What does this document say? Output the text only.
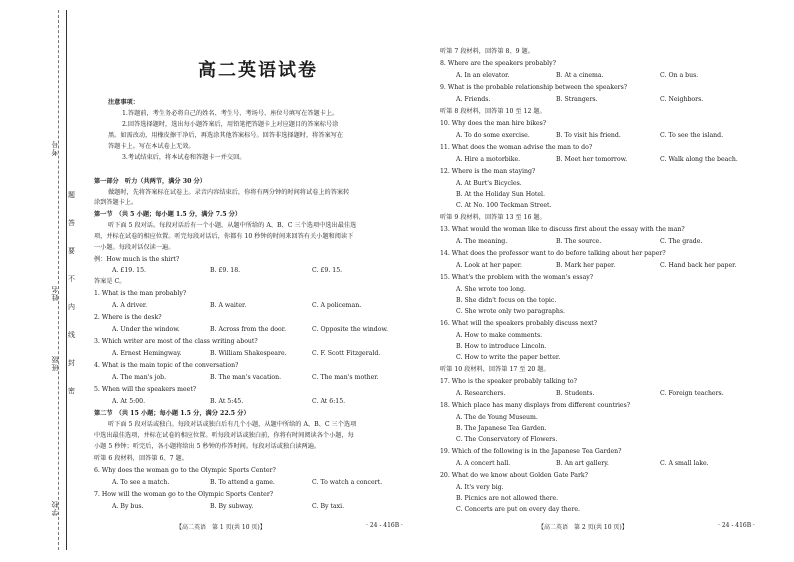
考号
姓名
班级
学校
题
答
要
不
内
线
封
密
高二英语试卷
注意事项：
1.答题前，考生务必将自己的姓名、考生号、考场号、座位号填写在答题卡上。
2.回答选择题时，选出每小题答案后，用铅笔把答题卡上对应题目的答案标号涂
黑。如需改动，用橡皮擦干净后，再选涂其他答案标号。回答非选择题时，将答案写在
答题卡上。写在本试卷上无效。
3.考试结束后，将本试卷和答题卡一并交回。
第一部分　听力（共两节，满分 30 分）
做题时，先将答案标在试卷上。录音内容结束后，你将有两分钟的时间将试卷上的答案转
涂到答题卡上。
第一节　（共 5 小题；每小题 1.5 分，满分 7.5 分）
听下面 5 段对话。每段对话后有一个小题，从题中所给的 A、B、C 三个选项中选出最佳选
项，并标在试卷的相应位置。听完每段对话后，你都有 10 秒钟的时间来回答有关小题和阅读下
一小题。每段对话仅读一遍。
例：How much is the shirt?
A. £19. 15.	B. £9. 18.	C. £9. 15.
答案是 C。
1. What is the man probably?
A. A driver.	B. A waiter.	C. A policeman.
2. Where is the desk?
A. Under the window.	B. Across from the door.	C. Opposite the window.
3. Which writer are most of the class writing about?
A. Ernest Hemingway.	B. William Shakespeare.	C. F. Scott Fitzgerald.
4. What is the main topic of the conversation?
A. The man's job.	B. The man's vacation.	C. The man's mother.
5. When will the speakers meet?
A. At 5:00.	B. At 5:45.	C. At 6:15.
第二节　（共 15 小题；每小题 1.5 分，满分 22.5 分）
听下面 5 段对话或独白。每段对话或独白后有几个小题，从题中所给的 A、B、C 三个选项
中选出最佳选项，并标在试卷的相应位置。听每段对话或独白前，你将有时间阅读各个小题，每
小题 5 秒钟；听完后，各小题将给出 5 秒钟的作答时间。每段对话或独白读两遍。
听第 6 段材料，回答第 6、7 题。
6. Why does the woman go to the Olympic Sports Center?
A. To see a match.	B. To attend a game.	C. To watch a concert.
7. How will the woman go to the Olympic Sports Center?
A. By bus.	B. By subway.	C. By taxi.
【高二英语　第 1 页(共 10 页)】	· 24 - 416B ·
听第 7 段材料，回答第 8、9 题。
8. Where are the speakers probably?
A. In an elevator.	B. At a cinema.	C. On a bus.
9. What is the probable relationship between the speakers?
A. Friends.	B. Strangers.	C. Neighbors.
听第 8 段材料，回答第 10 至 12 题。
10. Why does the man hire bikes?
A. To do some exercise.	B. To visit his friend.	C. To see the island.
11. What does the woman advise the man to do?
A. Hire a motorbike.	B. Meet her tomorrow.	C. Walk along the beach.
12. Where is the man staying?
A. At Burt's Bicycles.
B. At the Holiday Sun Hotel.
C. At No. 100 Teckman Street.
听第 9 段材料，回答第 13 至 16 题。
13. What would the woman like to discuss first about the essay with the man?
A. The meaning.	B. The source.	C. The grade.
14. What does the professor want to do before talking about her paper?
A. Look at her paper.	B. Mark her paper.	C. Hand back her paper.
15. What's the problem with the woman's essay?
A. She wrote too long.
B. She didn't focus on the topic.
C. She wrote only two paragraphs.
16. What will the speakers probably discuss next?
A. How to make comments.
B. How to introduce Lincoln.
C. How to write the paper better.
听第 10 段材料，回答第 17 至 20 题。
17. Who is the speaker probably talking to?
A. Researchers.	B. Students.	C. Foreign teachers.
18. Which place has many displays from different countries?
A. The de Young Museum.
B. The Japanese Tea Garden.
C. The Conservatory of Flowers.
19. Which of the following is in the Japanese Tea Garden?
A. A concert hall.	B. An art gallery.	C. A small lake.
20. What do we know about Golden Gate Park?
A. It's very big.
B. Picnics are not allowed there.
C. Concerts are put on every day there.
【高二英语　第 2 页(共 10 页)】	· 24 - 416B ·
